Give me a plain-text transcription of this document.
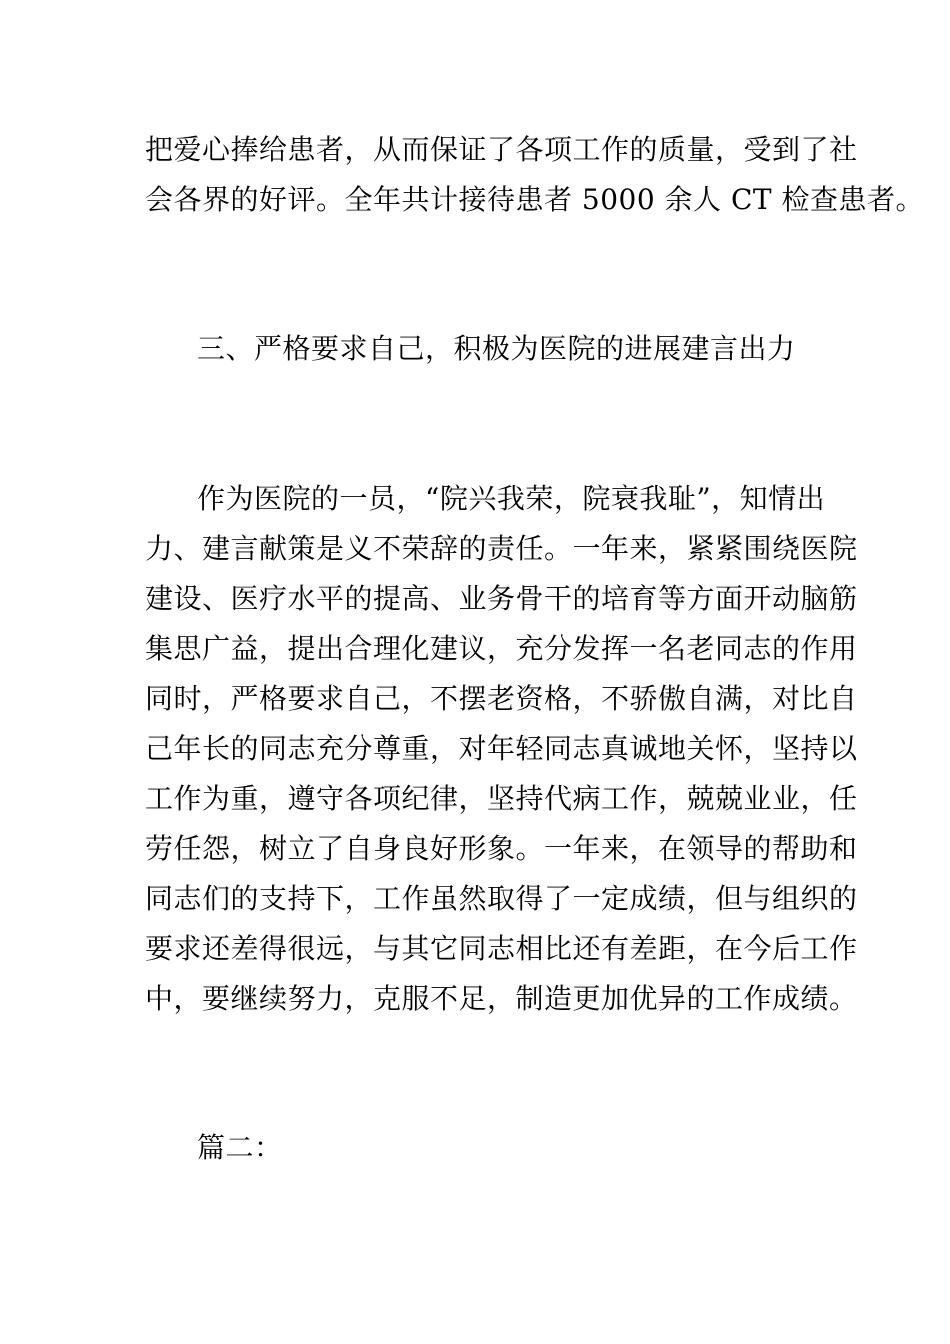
把爱心捧给患者，从而保证了各项工作的质量，受到了社
会各界的好评。全年共计接待患者 5000 余人 CT 检查患者。
三、严格要求自己，积极为医院的进展建言出力
作为医院的一员，“院兴我荣，院衰我耻”，知情出
力、建言献策是义不荣辞的责任。一年来，紧紧围绕医院
建设、医疗水平的提高、业务骨干的培育等方面开动脑筋
集思广益，提出合理化建议，充分发挥一名老同志的作用
同时，严格要求自己，不摆老资格，不骄傲自满，对比自
己年长的同志充分尊重，对年轻同志真诚地关怀，坚持以
工作为重，遵守各项纪律，坚持代病工作，兢兢业业，任
劳任怨，树立了自身良好形象。一年来，在领导的帮助和
同志们的支持下，工作虽然取得了一定成绩，但与组织的
要求还差得很远，与其它同志相比还有差距，在今后工作
中，要继续努力，克服不足，制造更加优异的工作成绩。
篇二：
